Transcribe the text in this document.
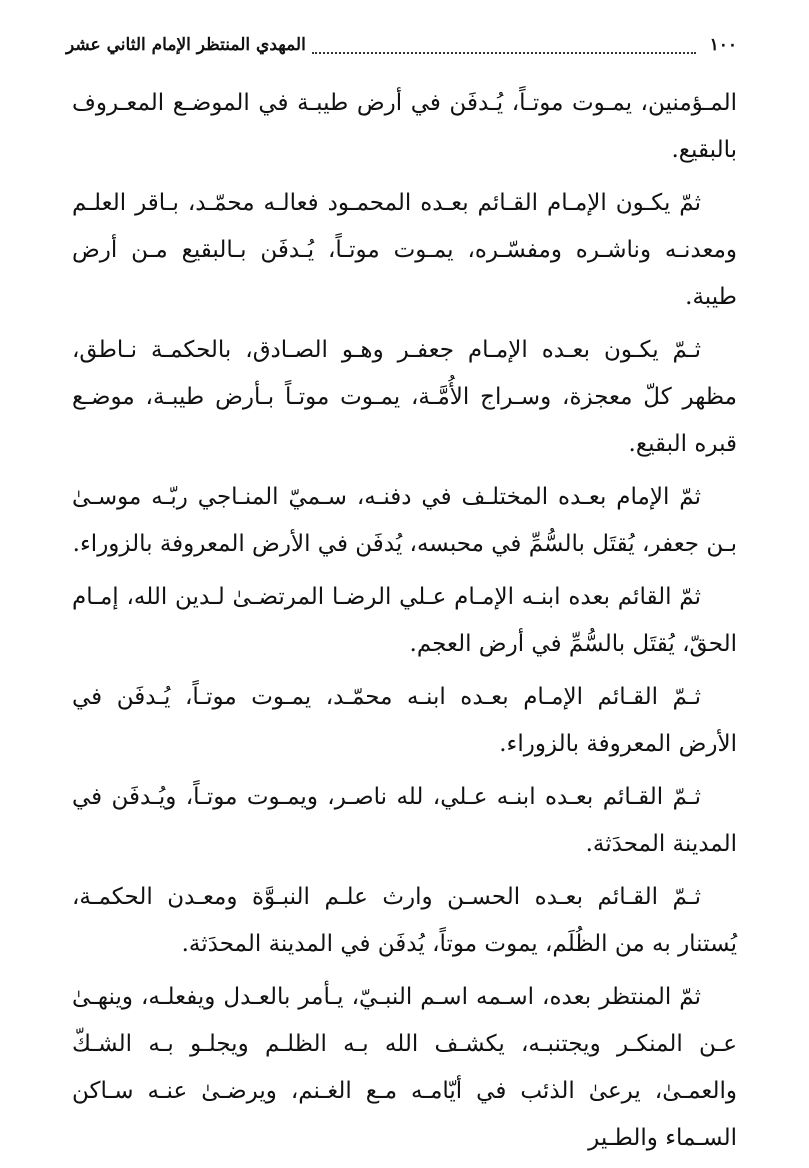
١٠٠
المهدي المنتظر الإمام الثاني عشر

المـؤمنين، يمـوت موتـاً، يُـدفَن في أرض طيبـة في الموضـع المعـروف بالبقيع.

ثمّ يكـون الإمـام القـائم بعـده المحمـود فعالـه محمّـد، بـاقر العلـم ومعدنـه وناشـره ومفسّـره، يمـوت موتـاً، يُـدفَن بـالبقيع مـن أرض طيبة.

ثـمّ يكـون بعـده الإمـام جعفـر وهـو الصـادق، بالحكمـة نـاطق، مظهر كلّ معجزة، وسـراج الأُمَّـة، يمـوت موتـاً بـأرض طيبـة، موضـع قبره البقيع.

ثمّ الإمام بعـده المختلـف في دفنـه، سـميّ المنـاجي ربّـه موسـىٰ بـن جعفر، يُقتَل بالسُّمِّ في محبسه، يُدفَن في الأرض المعروفة بالزوراء.

ثمّ القائم بعده ابنـه الإمـام عـلي الرضـا المرتضـىٰ لـدين الله، إمـام الحقّ، يُقتَل بالسُّمِّ في أرض العجم.

ثـمّ القـائم الإمـام بعـده ابنـه محمّـد، يمـوت موتـاً، يُـدفَن في الأرض المعروفة بالزوراء.

ثـمّ القـائم بعـده ابنـه عـلي، لله ناصـر، ويمـوت موتـاً، ويُـدفَن في المدينة المحدَثة.

ثـمّ القـائم بعـده الحسـن وارث علـم النبـوَّة ومعـدن الحكمـة، يُستنار به من الظُلَم، يموت موتاً، يُدفَن في المدينة المحدَثة.

ثمّ المنتظر بعده، اسـمه اسـم النبـيّ، يـأمر بالعـدل ويفعلـه، وينهـىٰ عـن المنكـر ويجتنبـه، يكشـف الله بـه الظلـم ويجلـو بـه الشـكّ والعمـىٰ، يرعىٰ الذئب في أيّامـه مـع الغـنم، ويرضـىٰ عنـه سـاكن السـماء والطـير
